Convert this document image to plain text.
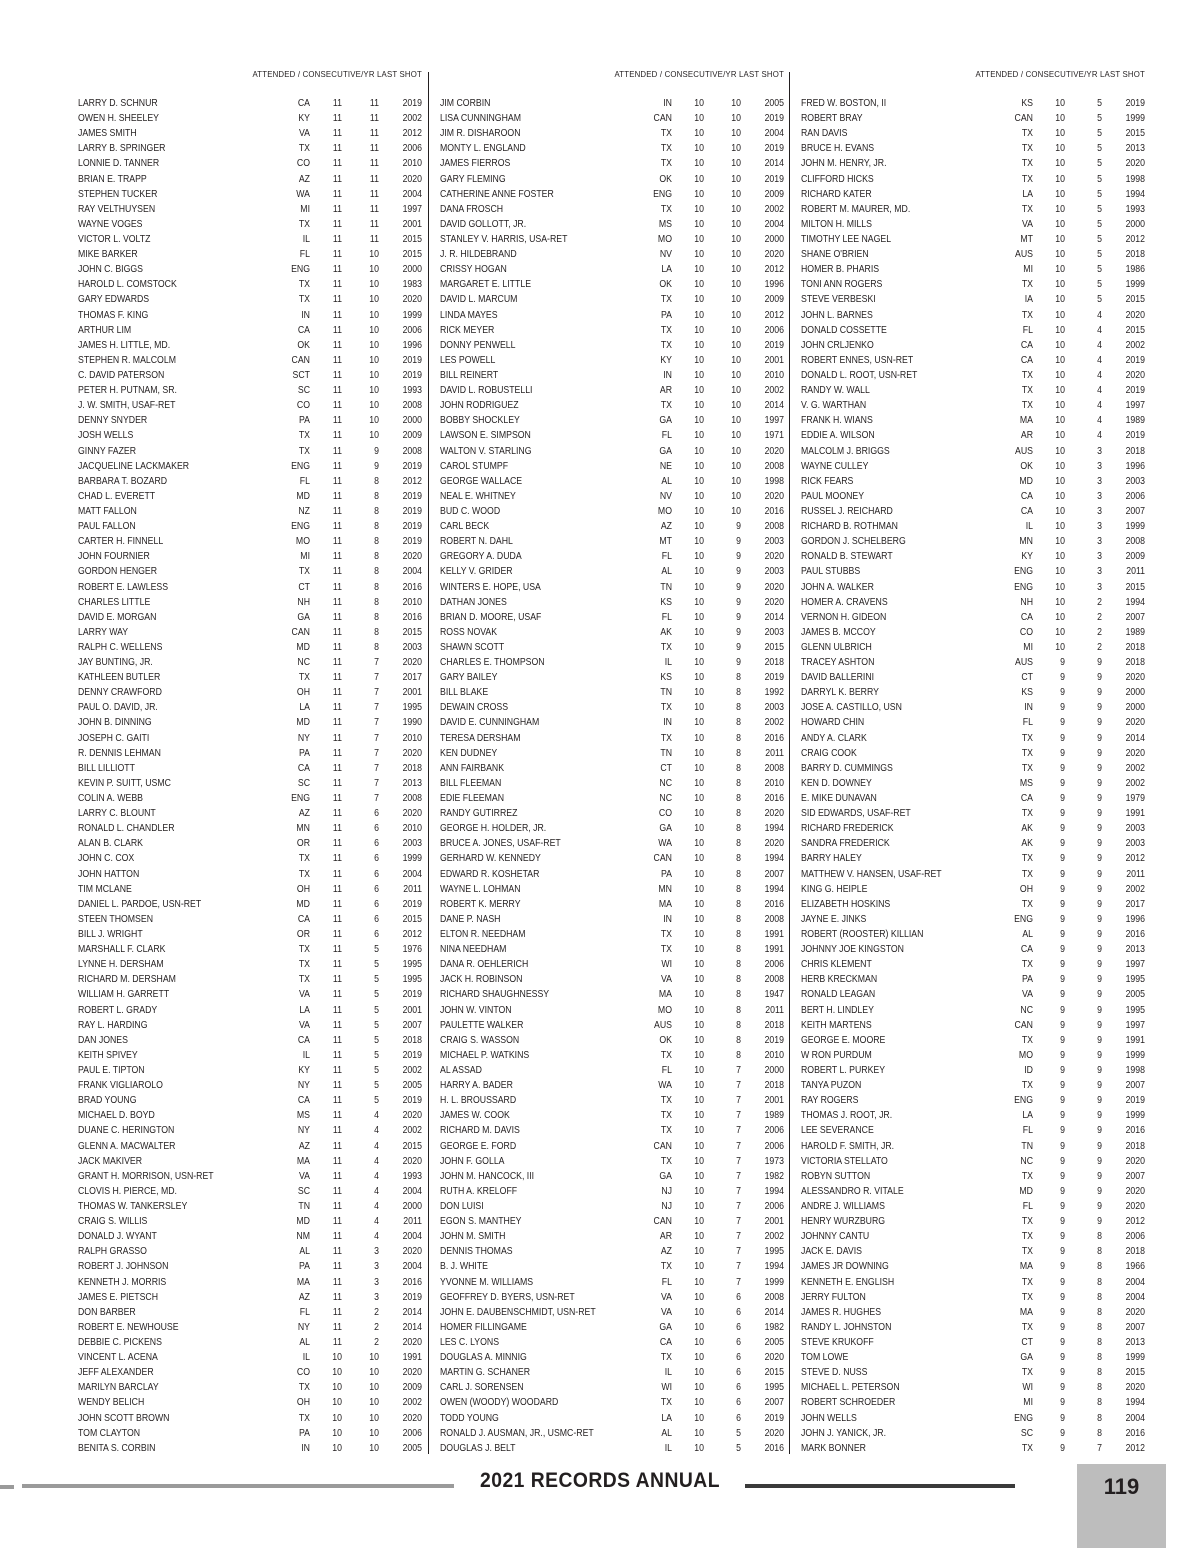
ATTENDED / CONSECUTIVE/YR LAST SHOT
LARRY D. SCHNUR	CA	11	11	2019
OWEN H. SHEELEY	KY	11	11	2002
JAMES SMITH	VA	11	11	2012
LARRY B. SPRINGER	TX	11	11	2006
LONNIE D. TANNER	CO	11	11	2010
BRIAN E. TRAPP	AZ	11	11	2020
STEPHEN TUCKER	WA	11	11	2004
RAY VELTHUYSEN	MI	11	11	1997
WAYNE VOGES	TX	11	11	2001
VICTOR L. VOLTZ	IL	11	11	2015
MIKE BARKER	FL	11	10	2015
JOHN C. BIGGS	ENG	11	10	2000
HAROLD L. COMSTOCK	TX	11	10	1983
GARY EDWARDS	TX	11	10	2020
THOMAS F. KING	IN	11	10	1999
ARTHUR LIM	CA	11	10	2006
JAMES H. LITTLE, MD.	OK	11	10	1996
STEPHEN R. MALCOLM	CAN	11	10	2019
C. DAVID PATERSON	SCT	11	10	2019
PETER H. PUTNAM, SR.	SC	11	10	1993
J. W. SMITH, USAF-RET	CO	11	10	2008
DENNY SNYDER	PA	11	10	2000
JOSH WELLS	TX	11	10	2009
GINNY FAZER	TX	11	9	2008
JACQUELINE LACKMAKER	ENG	11	9	2019
BARBARA T. BOZARD	FL	11	8	2012
CHAD L. EVERETT	MD	11	8	2019
MATT FALLON	NZ	11	8	2019
PAUL FALLON	ENG	11	8	2019
CARTER H. FINNELL	MO	11	8	2019
JOHN FOURNIER	MI	11	8	2020
GORDON HENGER	TX	11	8	2004
ROBERT E. LAWLESS	CT	11	8	2016
CHARLES LITTLE	NH	11	8	2010
DAVID E. MORGAN	GA	11	8	2016
LARRY WAY	CAN	11	8	2015
RALPH C. WELLENS	MD	11	8	2003
JAY BUNTING, JR.	NC	11	7	2020
KATHLEEN BUTLER	TX	11	7	2017
DENNY CRAWFORD	OH	11	7	2001
PAUL O. DAVID, JR.	LA	11	7	1995
JOHN B. DINNING	MD	11	7	1990
JOSEPH C. GAITI	NY	11	7	2010
R. DENNIS LEHMAN	PA	11	7	2020
BILL LILLIOTT	CA	11	7	2018
KEVIN P. SUITT, USMC	SC	11	7	2013
COLIN A. WEBB	ENG	11	7	2008
LARRY C. BLOUNT	AZ	11	6	2020
RONALD L. CHANDLER	MN	11	6	2010
ALAN B. CLARK	OR	11	6	2003
JOHN C. COX	TX	11	6	1999
JOHN HATTON	TX	11	6	2004
TIM MCLANE	OH	11	6	2011
DANIEL L. PARDOE, USN-RET	MD	11	6	2019
STEEN THOMSEN	CA	11	6	2015
BILL J. WRIGHT	OR	11	6	2012
MARSHALL F. CLARK	TX	11	5	1976
LYNNE H. DERSHAM	TX	11	5	1995
RICHARD M. DERSHAM	TX	11	5	1995
WILLIAM H. GARRETT	VA	11	5	2019
ROBERT L. GRADY	LA	11	5	2001
RAY L. HARDING	VA	11	5	2007
DAN JONES	CA	11	5	2018
KEITH SPIVEY	IL	11	5	2019
PAUL E. TIPTON	KY	11	5	2002
FRANK VIGLIAROLO	NY	11	5	2005
BRAD YOUNG	CA	11	5	2019
MICHAEL D. BOYD	MS	11	4	2020
DUANE C. HERINGTON	NY	11	4	2002
GLENN A. MACWALTER	AZ	11	4	2015
JACK MAKIVER	MA	11	4	2020
GRANT H. MORRISON, USN-RET	VA	11	4	1993
CLOVIS H. PIERCE, MD.	SC	11	4	2004
THOMAS W. TANKERSLEY	TN	11	4	2000
CRAIG S. WILLIS	MD	11	4	2011
DONALD J. WYANT	NM	11	4	2004
RALPH GRASSO	AL	11	3	2020
ROBERT J. JOHNSON	PA	11	3	2004
KENNETH J. MORRIS	MA	11	3	2016
JAMES E. PIETSCH	AZ	11	3	2019
DON BARBER	FL	11	2	2014
ROBERT E. NEWHOUSE	NY	11	2	2014
DEBBIE C. PICKENS	AL	11	2	2020
VINCENT L. ACENA	IL	10	10	1991
JEFF ALEXANDER	CO	10	10	2020
MARILYN BARCLAY	TX	10	10	2009
WENDY BELICH	OH	10	10	2002
JOHN SCOTT BROWN	TX	10	10	2020
TOM CLAYTON	PA	10	10	2006
BENITA S. CORBIN	IN	10	10	2005
ATTENDED / CONSECUTIVE/YR LAST SHOT
JIM CORBIN	IN	10	10	2005
LISA CUNNINGHAM	CAN	10	10	2019
JIM R. DISHAROON	TX	10	10	2004
MONTY L. ENGLAND	TX	10	10	2019
JAMES FIERROS	TX	10	10	2014
GARY FLEMING	OK	10	10	2019
CATHERINE ANNE FOSTER	ENG	10	10	2009
DANA FROSCH	TX	10	10	2002
DAVID GOLLOTT, JR.	MS	10	10	2004
STANLEY V. HARRIS, USA-RET	MO	10	10	2000
J. R. HILDEBRAND	NV	10	10	2020
CRISSY HOGAN	LA	10	10	2012
MARGARET E. LITTLE	OK	10	10	1996
DAVID L. MARCUM	TX	10	10	2009
LINDA MAYES	PA	10	10	2012
RICK MEYER	TX	10	10	2006
DONNY PENWELL	TX	10	10	2019
LES POWELL	KY	10	10	2001
BILL REINERT	IN	10	10	2010
DAVID L. ROBUSTELLI	AR	10	10	2002
JOHN RODRIGUEZ	TX	10	10	2014
BOBBY SHOCKLEY	GA	10	10	1997
LAWSON E. SIMPSON	FL	10	10	1971
WALTON V. STARLING	GA	10	10	2020
CAROL STUMPF	NE	10	10	2008
GEORGE WALLACE	AL	10	10	1998
NEAL E. WHITNEY	NV	10	10	2020
BUD C. WOOD	MO	10	10	2016
CARL BECK	AZ	10	9	2008
ROBERT N. DAHL	MT	10	9	2003
GREGORY A. DUDA	FL	10	9	2020
KELLY V. GRIDER	AL	10	9	2003
WINTERS E. HOPE, USA	TN	10	9	2020
DATHAN JONES	KS	10	9	2020
BRIAN D. MOORE, USAF	FL	10	9	2014
ROSS NOVAK	AK	10	9	2003
SHAWN SCOTT	TX	10	9	2015
CHARLES E. THOMPSON	IL	10	9	2018
GARY BAILEY	KS	10	8	2019
BILL BLAKE	TN	10	8	1992
DEWAIN CROSS	TX	10	8	2003
DAVID E. CUNNINGHAM	IN	10	8	2002
TERESA DERSHAM	TX	10	8	2016
KEN DUDNEY	TN	10	8	2011
ANN FAIRBANK	CT	10	8	2008
BILL FLEEMAN	NC	10	8	2010
EDIE FLEEMAN	NC	10	8	2016
RANDY GUTIRREZ	CO	10	8	2020
GEORGE H. HOLDER, JR.	GA	10	8	1994
BRUCE A. JONES, USAF-RET	WA	10	8	2020
GERHARD W. KENNEDY	CAN	10	8	1994
EDWARD R. KOSHETAR	PA	10	8	2007
WAYNE L. LOHMAN	MN	10	8	1994
ROBERT K. MERRY	MA	10	8	2016
DANE P. NASH	IN	10	8	2008
ELTON R. NEEDHAM	TX	10	8	1991
NINA NEEDHAM	TX	10	8	1991
DANA R. OEHLERICH	WI	10	8	2006
JACK H. ROBINSON	VA	10	8	2008
RICHARD SHAUGHNESSY	MA	10	8	1947
JOHN W. VINTON	MO	10	8	2011
PAULETTE WALKER	AUS	10	8	2018
CRAIG S. WASSON	OK	10	8	2019
MICHAEL P. WATKINS	TX	10	8	2010
AL ASSAD	FL	10	7	2000
HARRY A. BADER	WA	10	7	2018
H. L. BROUSSARD	TX	10	7	2001
JAMES W. COOK	TX	10	7	1989
RICHARD M. DAVIS	TX	10	7	2006
GEORGE E. FORD	CAN	10	7	2006
JOHN F. GOLLA	TX	10	7	1973
JOHN M. HANCOCK, III	GA	10	7	1982
RUTH A. KRELOFF	NJ	10	7	1994
DON LUISI	NJ	10	7	2006
EGON S. MANTHEY	CAN	10	7	2001
JOHN M. SMITH	AR	10	7	2002
DENNIS THOMAS	AZ	10	7	1995
B. J. WHITE	TX	10	7	1994
YVONNE M. WILLIAMS	FL	10	7	1999
GEOFFREY D. BYERS, USN-RET	VA	10	6	2008
JOHN E. DAUBENSCHMIDT, USN-RET	VA	10	6	2014
HOMER FILLINGAME	GA	10	6	1982
LES C. LYONS	CA	10	6	2005
DOUGLAS A. MINNIG	TX	10	6	2020
MARTIN G. SCHANER	IL	10	6	2015
CARL J. SORENSEN	WI	10	6	1995
OWEN (WOODY) WOODARD	TX	10	6	2007
TODD YOUNG	LA	10	6	2019
RONALD J. AUSMAN, JR., USMC-RET	AL	10	5	2020
DOUGLAS J. BELT	IL	10	5	2016
ATTENDED / CONSECUTIVE/YR LAST SHOT
FRED W. BOSTON, II	KS	10	5	2019
ROBERT BRAY	CAN	10	5	1999
RAN DAVIS	TX	10	5	2015
BRUCE H. EVANS	TX	10	5	2013
JOHN M. HENRY, JR.	TX	10	5	2020
CLIFFORD HICKS	TX	10	5	1998
RICHARD KATER	LA	10	5	1994
ROBERT M. MAURER, MD.	TX	10	5	1993
MILTON H. MILLS	VA	10	5	2000
TIMOTHY LEE NAGEL	MT	10	5	2012
SHANE O'BRIEN	AUS	10	5	2018
HOMER B. PHARIS	MI	10	5	1986
TONI ANN ROGERS	TX	10	5	1999
STEVE VERBESKI	IA	10	5	2015
JOHN L. BARNES	TX	10	4	2020
DONALD COSSETTE	FL	10	4	2015
JOHN CRLJENKO	CA	10	4	2002
ROBERT ENNES, USN-RET	CA	10	4	2019
DONALD L. ROOT, USN-RET	TX	10	4	2020
RANDY W. WALL	TX	10	4	2019
V. G. WARTHAN	TX	10	4	1997
FRANK H. WIANS	MA	10	4	1989
EDDIE A. WILSON	AR	10	4	2019
MALCOLM J. BRIGGS	AUS	10	3	2018
WAYNE CULLEY	OK	10	3	1996
RICK FEARS	MD	10	3	2003
PAUL MOONEY	CA	10	3	2006
RUSSEL J. REICHARD	CA	10	3	2007
RICHARD B. ROTHMAN	IL	10	3	1999
GORDON J. SCHELBERG	MN	10	3	2008
RONALD B. STEWART	KY	10	3	2009
PAUL STUBBS	ENG	10	3	2011
JOHN A. WALKER	ENG	10	3	2015
HOMER A. CRAVENS	NH	10	2	1994
VERNON H. GIDEON	CA	10	2	2007
JAMES B. MCCOY	CO	10	2	1989
GLENN ULBRICH	MI	10	2	2018
TRACEY ASHTON	AUS	9	9	2018
DAVID BALLERINI	CT	9	9	2020
DARRYL K. BERRY	KS	9	9	2000
JOSE A. CASTILLO, USN	IN	9	9	2000
HOWARD CHIN	FL	9	9	2020
ANDY A. CLARK	TX	9	9	2014
CRAIG COOK	TX	9	9	2020
BARRY D. CUMMINGS	TX	9	9	2002
KEN D. DOWNEY	MS	9	9	2002
E. MIKE DUNAVAN	CA	9	9	1979
SID EDWARDS, USAF-RET	TX	9	9	1991
RICHARD FREDERICK	AK	9	9	2003
SANDRA FREDERICK	AK	9	9	2003
BARRY HALEY	TX	9	9	2012
MATTHEW V. HANSEN, USAF-RET	TX	9	9	2011
KING G. HEIPLE	OH	9	9	2002
ELIZABETH HOSKINS	TX	9	9	2017
JAYNE E. JINKS	ENG	9	9	1996
ROBERT (ROOSTER) KILLIAN	AL	9	9	2016
JOHNNY JOE KINGSTON	CA	9	9	2013
CHRIS KLEMENT	TX	9	9	1997
HERB KRECKMAN	PA	9	9	1995
RONALD LEAGAN	VA	9	9	2005
BERT H. LINDLEY	NC	9	9	1995
KEITH MARTENS	CAN	9	9	1997
GEORGE E. MOORE	TX	9	9	1991
W RON PURDUM	MO	9	9	1999
ROBERT L. PURKEY	ID	9	9	1998
TANYA PUZON	TX	9	9	2007
RAY ROGERS	ENG	9	9	2019
THOMAS J. ROOT, JR.	LA	9	9	1999
LEE SEVERANCE	FL	9	9	2016
HAROLD F. SMITH, JR.	TN	9	9	2018
VICTORIA STELLATO	NC	9	9	2020
ROBYN SUTTON	TX	9	9	2007
ALESSANDRO R. VITALE	MD	9	9	2020
ANDRE J. WILLIAMS	FL	9	9	2020
HENRY WURZBURG	TX	9	9	2012
JOHNNY CANTU	TX	9	8	2006
JACK E. DAVIS	TX	9	8	2018
JAMES JR DOWNING	MA	9	8	1966
KENNETH E. ENGLISH	TX	9	8	2004
JERRY FULTON	TX	9	8	2004
JAMES R. HUGHES	MA	9	8	2020
RANDY L. JOHNSTON	TX	9	8	2007
STEVE KRUKOFF	CT	9	8	2013
TOM LOWE	GA	9	8	1999
STEVE D. NUSS	TX	9	8	2015
MICHAEL L. PETERSON	WI	9	8	2020
ROBERT SCHROEDER	MI	9	8	1994
JOHN WELLS	ENG	9	8	2004
JOHN J. YANICK, JR.	SC	9	8	2016
MARK BONNER	TX	9	7	2012
2021 RECORDS ANNUAL	119
